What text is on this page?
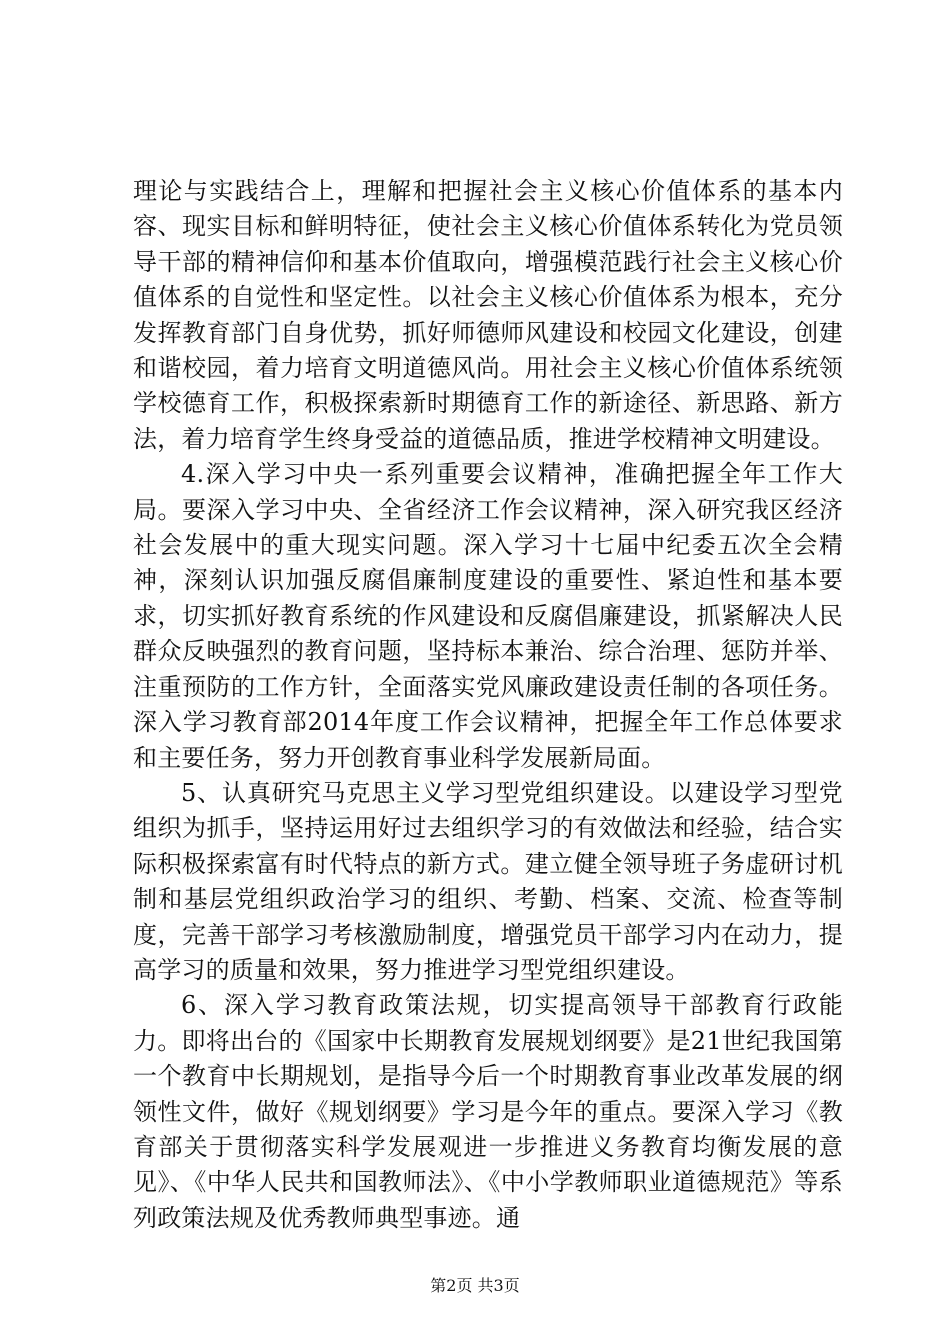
理论与实践结合上，理解和把握社会主义核心价值体系的基本内容、现实目标和鲜明特征，使社会主义核心价值体系转化为党员领导干部的精神信仰和基本价值取向，增强模范践行社会主义核心价值体系的自觉性和坚定性。以社会主义核心价值体系为根本，充分发挥教育部门自身优势，抓好师德师风建设和校园文化建设，创建和谐校园，着力培育文明道德风尚。用社会主义核心价值体系统领学校德育工作，积极探索新时期德育工作的新途径、新思路、新方法，着力培育学生终身受益的道德品质，推进学校精神文明建设。

4.深入学习中央一系列重要会议精神，准确把握全年工作大局。要深入学习中央、全省经济工作会议精神，深入研究我区经济社会发展中的重大现实问题。深入学习十七届中纪委五次全会精神，深刻认识加强反腐倡廉制度建设的重要性、紧迫性和基本要求，切实抓好教育系统的作风建设和反腐倡廉建设，抓紧解决人民群众反映强烈的教育问题，坚持标本兼治、综合治理、惩防并举、注重预防的工作方针，全面落实党风廉政建设责任制的各项任务。深入学习教育部2014年度工作会议精神，把握全年工作总体要求和主要任务，努力开创教育事业科学发展新局面。

5、认真研究马克思主义学习型党组织建设。以建设学习型党组织为抓手，坚持运用好过去组织学习的有效做法和经验，结合实际积极探索富有时代特点的新方式。建立健全领导班子务虚研讨机制和基层党组织政治学习的组织、考勤、档案、交流、检查等制度，完善干部学习考核激励制度，增强党员干部学习内在动力，提高学习的质量和效果，努力推进学习型党组织建设。

6、深入学习教育政策法规，切实提高领导干部教育行政能力。即将出台的《国家中长期教育发展规划纲要》是21世纪我国第一个教育中长期规划，是指导今后一个时期教育事业改革发展的纲领性文件，做好《规划纲要》学习是今年的重点。要深入学习《教育部关于贯彻落实科学发展观进一步推进义务教育均衡发展的意见》、《中华人民共和国教师法》、《中小学教师职业道德规范》等系列政策法规及优秀教师典型事迹。通

第2页 共3页
